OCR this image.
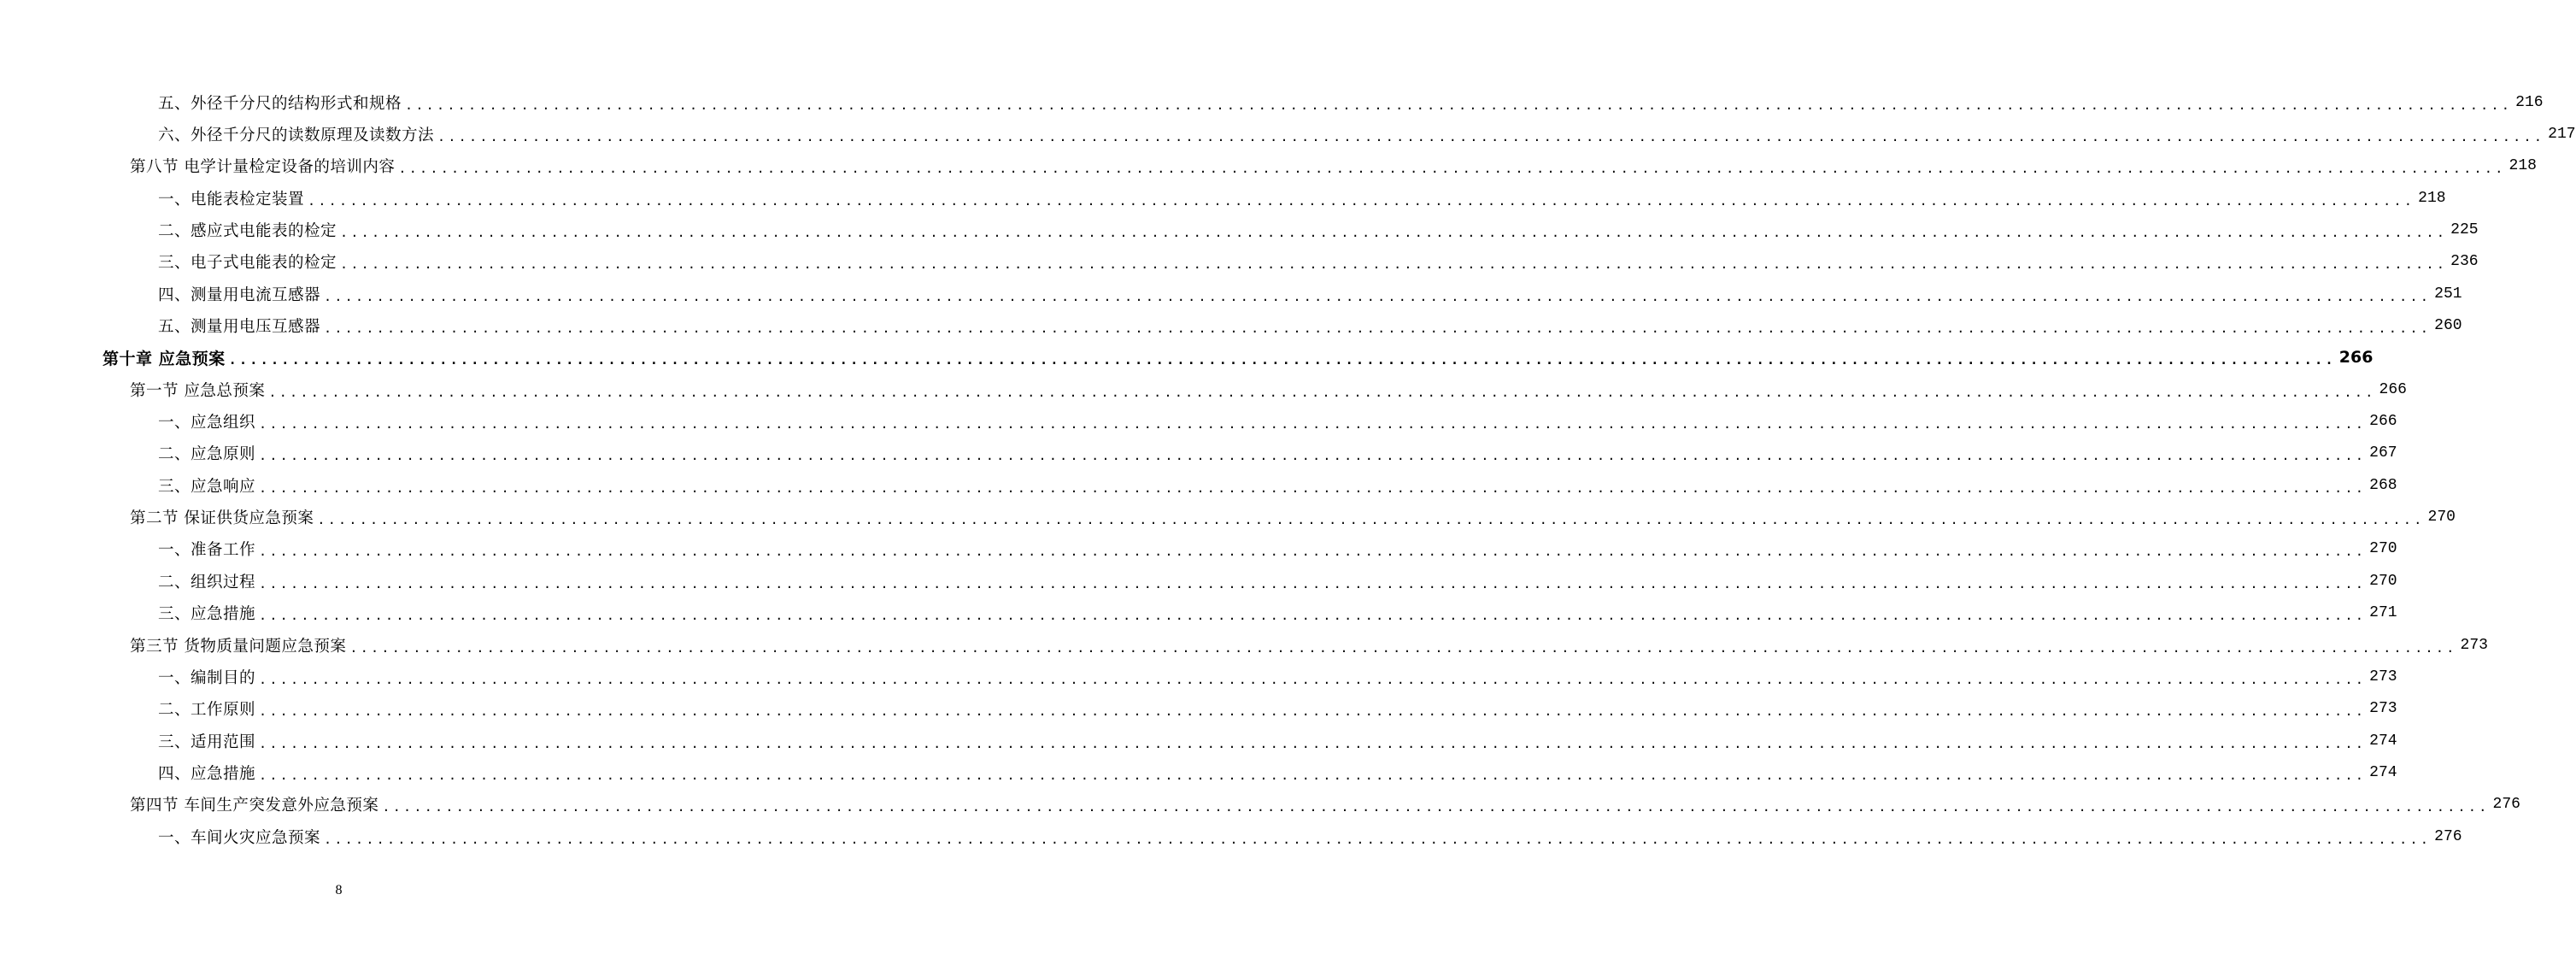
五、外径千分尺的结构形式和规格 ........................................................................................................................................................................................................ 216
六、外径千分尺的读数原理及读数方法 ........................................................................................................................................................................................................ 217
第八节 电学计量检定设备的培训内容 ........................................................................................................................................................................................................ 218
一、电能表检定装置 ........................................................................................................................................................................................................ 218
二、感应式电能表的检定 ........................................................................................................................................................................................................ 225
三、电子式电能表的检定 ........................................................................................................................................................................................................ 236
四、测量用电流互感器 ........................................................................................................................................................................................................ 251
五、测量用电压互感器 ........................................................................................................................................................................................................ 260
第十章 应急预案 ........................................................................................................................................................................................................ 266
第一节 应急总预案 ........................................................................................................................................................................................................ 266
一、应急组织 ........................................................................................................................................................................................................ 266
二、应急原则 ........................................................................................................................................................................................................ 267
三、应急响应 ........................................................................................................................................................................................................ 268
第二节 保证供货应急预案 ........................................................................................................................................................................................................ 270
一、准备工作 ........................................................................................................................................................................................................ 270
二、组织过程 ........................................................................................................................................................................................................ 270
三、应急措施 ........................................................................................................................................................................................................ 271
第三节 货物质量问题应急预案 ........................................................................................................................................................................................................ 273
一、编制目的 ........................................................................................................................................................................................................ 273
二、工作原则 ........................................................................................................................................................................................................ 273
三、适用范围 ........................................................................................................................................................................................................ 274
四、应急措施 ........................................................................................................................................................................................................ 274
第四节 车间生产突发意外应急预案 ........................................................................................................................................................................................................ 276
一、车间火灾应急预案 ........................................................................................................................................................................................................ 276
8
